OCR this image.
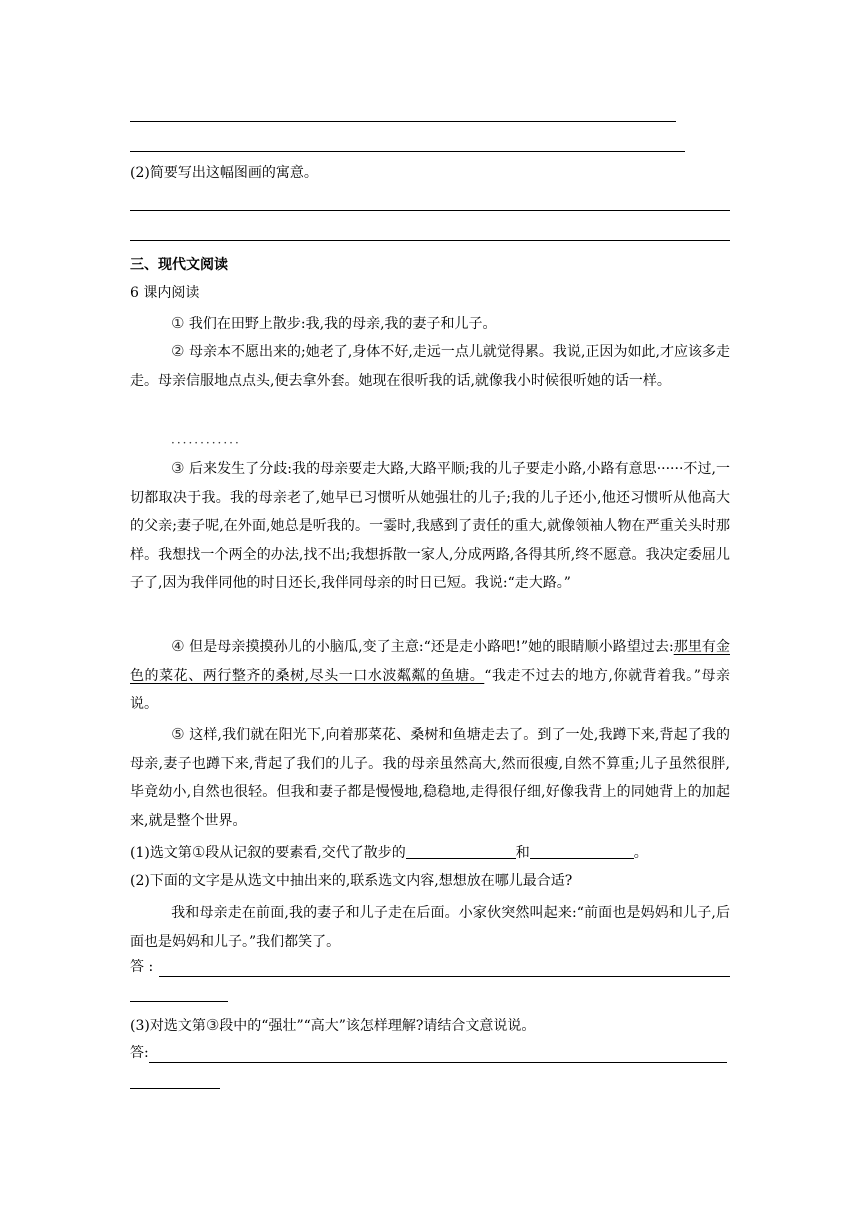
(2)简要写出这幅图画的寓意。
三、现代文阅读
6 课内阅读
① 我们在田野上散步:我,我的母亲,我的妻子和儿子。
② 母亲本不愿出来的;她老了,身体不好,走远一点儿就觉得累。我说,正因为如此,才应该多走走。母亲信服地点点头,便去拿外套。她现在很听我的话,就像我小时候很听她的话一样。
············
③ 后来发生了分歧:我的母亲要走大路,大路平顺;我的儿子要走小路,小路有意思······不过,一切都取决于我。我的母亲老了,她早已习惯听从她强壮的儿子;我的儿子还小,他还习惯听从他高大的父亲;妻子呢,在外面,她总是听我的。一霎时,我感到了责任的重大,就像领袖人物在严重关头时那样。我想找一个两全的办法,找不出;我想拆散一家人,分成两路,各得其所,终不愿意。我决定委屈儿子了,因为我伴同他的时日还长,我伴同母亲的时日已短。我说:“走大路。”
④ 但是母亲摸摸孙儿的小脑瓜,变了主意:“还是走小路吧!”她的眼睛顺小路望过去:那里有金色的菜花、两行整齐的桑树,尽头一口水波粼粼的鱼塘。“我走不过去的地方,你就背着我。”母亲说。
⑤ 这样,我们就在阳光下,向着那菜花、桑树和鱼塘走去了。到了一处,我蹲下来,背起了我的母亲,妻子也蹲下来,背起了我们的儿子。我的母亲虽然高大,然而很瘦,自然不算重;儿子虽然很胖,毕竟幼小,自然也很轻。但我和妻子都是慢慢地,稳稳地,走得很仔细,好像我背上的同她背上的加起来,就是整个世界。
(1)选文第①段从记叙的要素看,交代了散步的	和	。
(2)下面的文字是从选文中抽出来的,联系选文内容,想想放在哪儿最合适?
我和母亲走在前面,我的妻子和儿子走在后面。小家伙突然叫起来:“前面也是妈妈和儿子,后面也是妈妈和儿子。”我们都笑了。
答 :
(3)对选文第③段中的“强壮”“高大”该怎样理解?请结合文意说说。
答:
